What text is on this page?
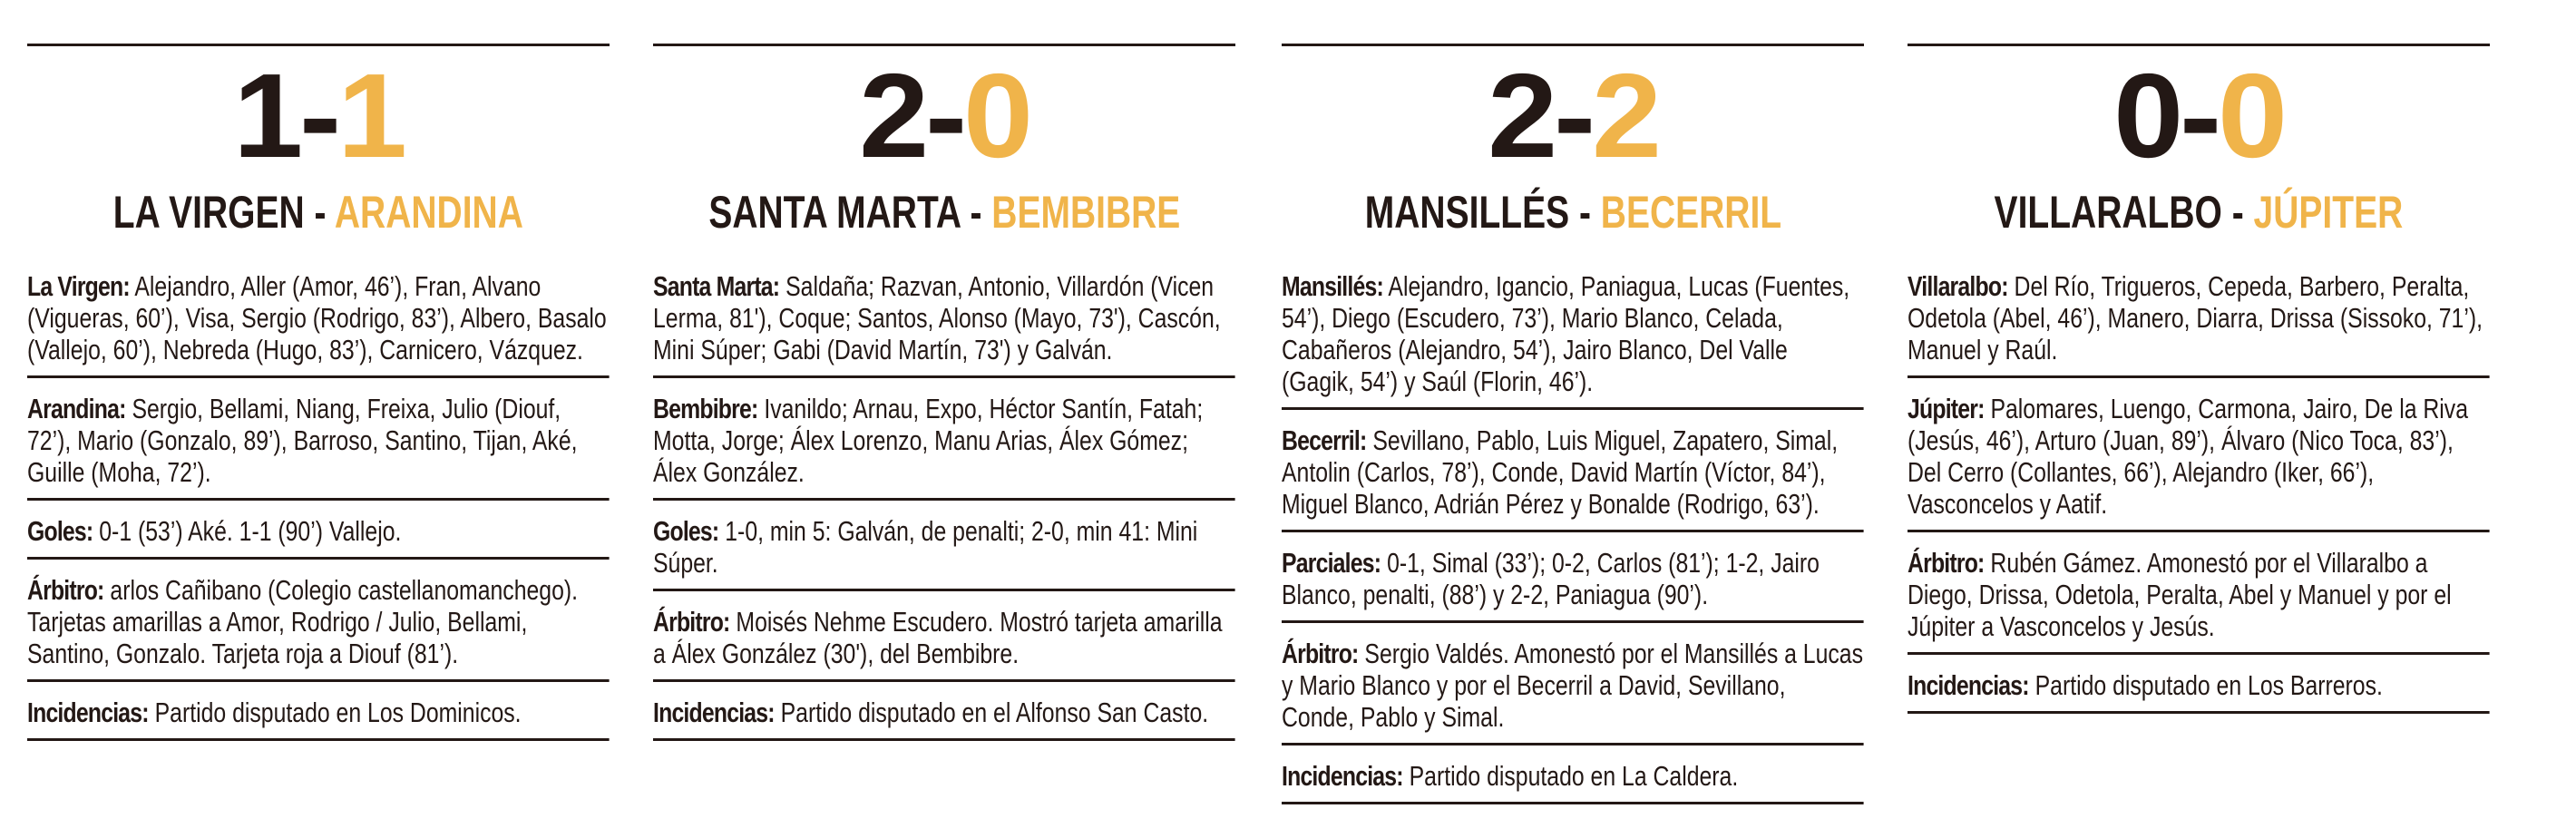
1-1
LA VIRGEN - ARANDINA
La Virgen: Alejandro, Aller (Amor, 46’), Fran, Alvano (Vigueras, 60’), Visa, Sergio (Rodrigo, 83’), Albero, Basalo (Vallejo, 60’), Nebreda (Hugo, 83’), Carnicero, Vázquez.
Arandina: Sergio, Bellami, Niang, Freixa, Julio (Diouf, 72’), Mario (Gonzalo, 89’), Barroso, Santino, Tijan, Aké, Guille (Moha, 72’).
Goles: 0-1 (53’) Aké. 1-1 (90’) Vallejo.
Árbitro: arlos Cañibano (Colegio castellanomanchego). Tarjetas amarillas a Amor, Rodrigo / Julio, Bellami, Santino, Gonzalo. Tarjeta roja a Diouf (81’).
Incidencias: Partido disputado en Los Dominicos.
2-0
SANTA MARTA - BEMBIBRE
Santa Marta: Saldaña; Razvan, Antonio, Villardón (Vicen Lerma, 81'), Coque; Santos, Alonso (Mayo, 73'), Cascón, Mini Súper; Gabi (David Martín, 73') y Galván.
Bembibre: Ivanildo; Arnau, Expo, Héctor Santín, Fatah; Motta, Jorge; Álex Lorenzo, Manu Arias, Álex Gómez; Álex González.
Goles: 1-0, min 5: Galván, de penalti; 2-0, min 41: Mini Súper.
Árbitro: Moisés Nehme Escudero. Mostró tarjeta amarilla a Álex González (30'), del Bembibre.
Incidencias: Partido disputado en el Alfonso San Casto.
2-2
MANSILLÉS - BECERRIL
Mansillés: Alejandro, Igancio, Paniagua, Lucas (Fuentes, 54’), Diego (Escudero, 73’), Mario Blanco, Celada, Cabañeros (Alejandro, 54’), Jairo Blanco, Del Valle (Gagik, 54’) y Saúl (Florin, 46’).
Becerril: Sevillano, Pablo, Luis Miguel, Zapatero, Simal, Antolin (Carlos, 78’), Conde, David Martín (Víctor, 84’), Miguel Blanco, Adrián Pérez y Bonalde (Rodrigo, 63’).
Parciales: 0-1, Simal (33’); 0-2, Carlos (81’); 1-2, Jairo Blanco, penalti, (88’) y 2-2, Paniagua (90’).
Árbitro: Sergio Valdés. Amonestó por el Mansillés a Lucas y Mario Blanco y por el Becerril a David, Sevillano, Conde, Pablo y Simal.
Incidencias: Partido disputado en La Caldera.
0-0
VILLARALBO - JÚPITER
Villaralbo: Del Río, Trigueros, Cepeda, Barbero, Peralta, Odetola (Abel, 46’), Manero, Diarra, Drissa (Sissoko, 71’), Manuel y Raúl.
Júpiter: Palomares, Luengo, Carmona, Jairo, De la Riva (Jesús, 46’), Arturo (Juan, 89’), Álvaro (Nico Toca, 83’), Del Cerro (Collantes, 66’), Alejandro (Iker, 66’), Vasconcelos y Aatif.
Árbitro: Rubén Gámez. Amonestó por el Villaralbo a Diego, Drissa, Odetola, Peralta, Abel y Manuel y por el Júpiter a Vasconcelos y Jesús.
Incidencias: Partido disputado en Los Barreros.
